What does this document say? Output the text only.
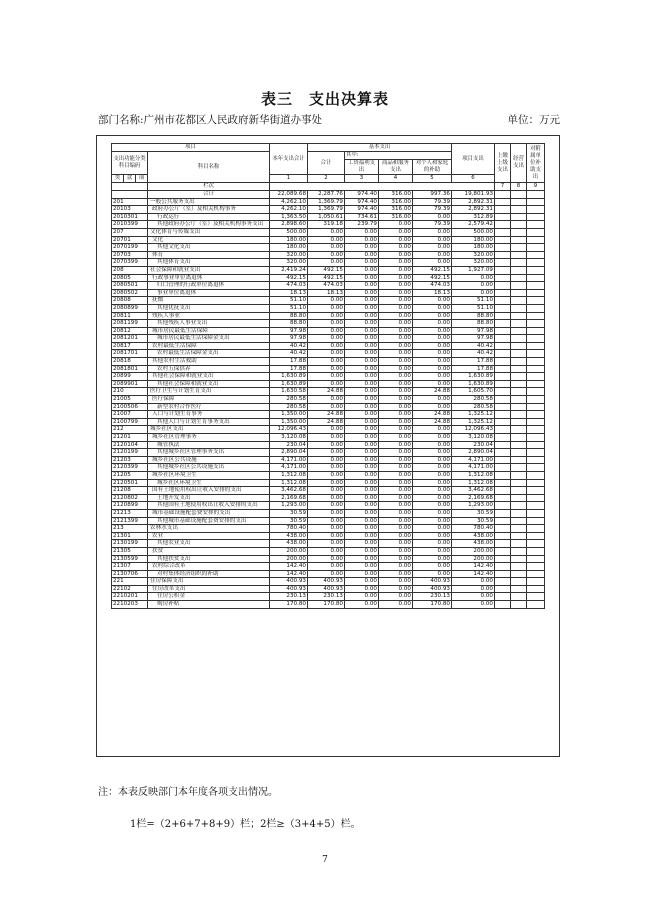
表三　支出决算表
部门名称:广州市花都区人民政府新华街道办事处	单位：万元
项目				本年支出合计	基本支出				项目支出	上缴上级支出	经营支出	对附属单位补助支出
支出功能分类科目编码			科目名称		合计	其中:						
						工资福利支出	商品和服务支出	对个人和家庭的补助				
类	款	项		1	2	3	4	5	6			
			栏次							7	8	9
			合计	22,089.68	2,287.76	974.40	316.00	997.36	19,801.93			
201			一般公共服务支出	4,262.10	1,369.79	974.40	316.00	79.39	2,892.31			
20103			政府办公厅（室）及相关机构事务	4,262.10	1,369.79	974.40	316.00	79.39	2,892.31			
2010301			行政运行	1,363.50	1,050.61	734.61	316.00	0.00	312.89			
2010399			其他政府办公厅（室）及相关机构事务支出	2,898.60	319.18	239.79	0.00	79.39	2,579.42			
207			文化体育与传媒支出	500.00	0.00	0.00	0.00	0.00	500.00			
20701			文化	180.00	0.00	0.00	0.00	0.00	180.00			
2070199			其他文化支出	180.00	0.00	0.00	0.00	0.00	180.00			
20703			体育	320.00	0.00	0.00	0.00	0.00	320.00			
2070399			其他体育支出	320.00	0.00	0.00	0.00	0.00	320.00			
208			社会保障和就业支出	2,419.24	492.15	0.00	0.00	492.15	1,927.09			
20805			行政事业单位离退休	492.15	492.15	0.00	0.00	492.15	0.00			
2080501			归口管理的行政单位离退休	474.03	474.03	0.00	0.00	474.03	0.00			
2080502			事业单位离退休	18.13	18.13	0.00	0.00	18.13	0.00			
20808			抚恤	51.10	0.00	0.00	0.00	0.00	51.10			
2080899			其他优抚支出	51.10	0.00	0.00	0.00	0.00	51.10			
20811			残疾人事业	88.80	0.00	0.00	0.00	0.00	88.80			
2081199			其他残疾人事业支出	88.80	0.00	0.00	0.00	0.00	88.80			
20812			城市居民最低生活保障	97.98	0.00	0.00	0.00	0.00	97.98			
2081201			城市居民最低生活保障金支出	97.98	0.00	0.00	0.00	0.00	97.98			
20817			农村最低生活保障	40.42	0.00	0.00	0.00	0.00	40.42			
2081701			农村最低生活保障金支出	40.42	0.00	0.00	0.00	0.00	40.42			
20818			其他农村生活救助	17.88	0.00	0.00	0.00	0.00	17.88			
2081801			农村五保供养	17.88	0.00	0.00	0.00	0.00	17.88			
20899			其他社会保障和就业支出	1,630.89	0.00	0.00	0.00	0.00	1,630.89			
2089901			其他社会保障和就业支出	1,630.89	0.00	0.00	0.00	0.00	1,630.89			
210			医疗卫生与计划生育支出	1,630.58	24.88	0.00	0.00	24.88	1,605.70			
21005			医疗保障	280.58	0.00	0.00	0.00	0.00	280.58			
2100506			新型农村合作医疗	280.58	0.00	0.00	0.00	0.00	280.58			
21007			人口与计划生育事务	1,350.00	24.88	0.00	0.00	24.88	1,325.12			
2100799			其他人口与计划生育事务支出	1,350.00	24.88	0.00	0.00	24.88	1,325.12			
212			城乡社区支出	12,096.43	0.00	0.00	0.00	0.00	12,096.43			
21201			城乡社区管理事务	3,120.08	0.00	0.00	0.00	0.00	3,120.08			
2120104			城管执法	230.04	0.00	0.00	0.00	0.00	230.04			
2120199			其他城乡社区管理事务支出	2,890.04	0.00	0.00	0.00	0.00	2,890.04			
21203			城乡社区公共设施	4,171.00	0.00	0.00	0.00	0.00	4,171.00			
2120399			其他城乡社区公共设施支出	4,171.00	0.00	0.00	0.00	0.00	4,171.00			
21205			城乡社区环境卫生	1,312.08	0.00	0.00	0.00	0.00	1,312.08			
2120501			城乡社区环境卫生	1,312.08	0.00	0.00	0.00	0.00	1,312.08			
21208			国有土地使用权出让收入安排的支出	3,462.68	0.00	0.00	0.00	0.00	3,462.68			
2120802			土地开发支出	2,169.68	0.00	0.00	0.00	0.00	2,169.68			
2120899			其他国有土地使用权出让收入安排的支出	1,293.00	0.00	0.00	0.00	0.00	1,293.00			
21213			城市基础设施配套费安排的支出	30.59	0.00	0.00	0.00	0.00	30.59			
2121399			其他城市基础设施配套费安排的支出	30.59	0.00	0.00	0.00	0.00	30.59			
213			农林水支出	780.40	0.00	0.00	0.00	0.00	780.40			
21301			农业	438.00	0.00	0.00	0.00	0.00	438.00			
2130199			其他农业支出	438.00	0.00	0.00	0.00	0.00	438.00			
21305			扶贫	200.00	0.00	0.00	0.00	0.00	200.00			
2130599			其他扶贫支出	200.00	0.00	0.00	0.00	0.00	200.00			
21307			农村综合改革	142.40	0.00	0.00	0.00	0.00	142.40			
2130706			对村集体经济组织的补助	142.40	0.00	0.00	0.00	0.00	142.40			
221			住房保障支出	400.93	400.93	0.00	0.00	400.93	0.00			
22102			住房改革支出	400.93	400.93	0.00	0.00	400.93	0.00			
2210201			住房公积金	230.13	230.13	0.00	0.00	230.13	0.00			
2210203			购房补贴	170.80	170.80	0.00	0.00	170.80	0.00			
注：本表反映部门本年度各项支出情况。
1栏=（2+6+7+8+9）栏；2栏≥（3+4+5）栏。
7
